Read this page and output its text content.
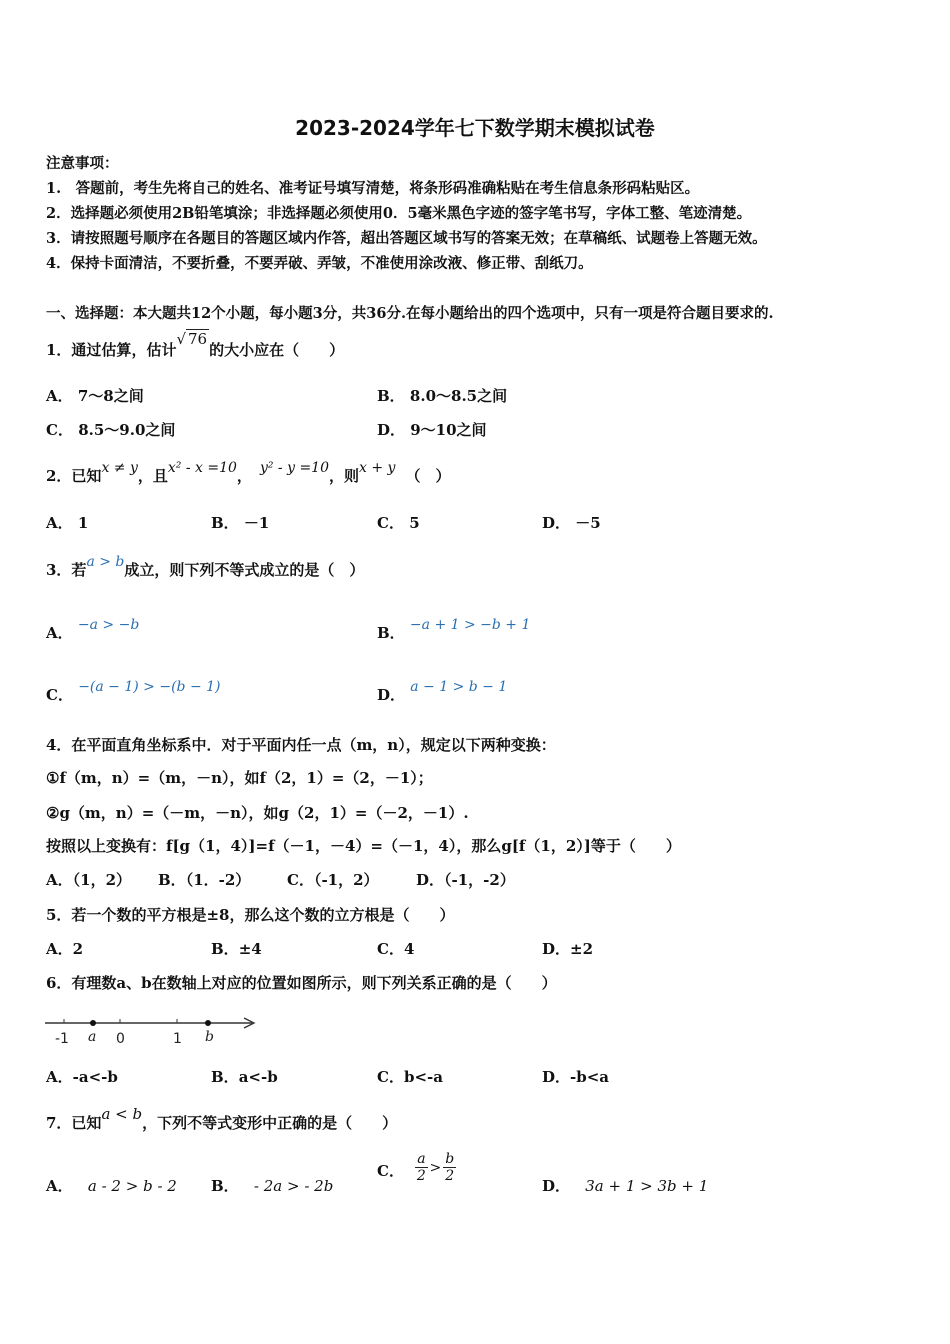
2023-2024学年七下数学期末模拟试卷
注意事项：
1.　答题前，考生先将自己的姓名、准考证号填写清楚，将条形码准确粘贴在考生信息条形码粘贴区。
2．选择题必须使用2B铅笔填涂；非选择题必须使用0．5毫米黑色字迹的签字笔书写，字体工整、笔迹清楚。
3．请按照题号顺序在各题目的答题区域内作答，超出答题区域书写的答案无效；在草稿纸、试题卷上答题无效。
4．保持卡面清洁，不要折叠，不要弄破、弄皱，不准使用涂改液、修正带、刮纸刀。
一、选择题：本大题共12个小题，每小题3分，共36分.在每小题给出的四个选项中，只有一项是符合题目要求的.
1．通过估算，估计√ 76的大小应在（　　）
A． 7～8之间	B． 8.0～8.5之间
C． 8.5～9.0之间	D． 9～10之间
2．已知x ≠ y，且x² - x =10， y² - y =10，则x + y （　）
A． 1	B． －1	C． 5	D． －5
3．若a > b成立，则下列不等式成立的是（　）
A． −a > −b	B． −a + 1 > −b + 1
C． −(a − 1) > −(b − 1)	D． a − 1 > b − 1
4．在平面直角坐标系中．对于平面内任一点（m，n），规定以下两种变换：
①f（m，n）=（m，－n），如f（2，1）=（2，－1）；
②g（m，n）=（－m，－n），如g（2，1）=（－2，－1）.
按照以上变换有：f[g（1，4）]=f（－1，－4）=（－1，4），那么g[f（1，2）]等于（　　）
A．（1，2） B．（1．-2） C．（-1，2） D．（-1，-2）
5．若一个数的平方根是±8，那么这个数的立方根是（　　）
A．2	B．±4	C．4	D．±2
6．有理数a、b在数轴上对应的位置如图所示，则下列关系正确的是（　　）
-1 a 0	1 b
A．-a<-b	B．a<-b	C．b<-a	D．-b<a
7．已知a < b，下列不等式变形中正确的是（　　）
A． a - 2 > b - 2 B． - 2a > - 2b
C． $\frac{a}{2} > \frac{b}{2}$
D． 3a + 1 > 3b + 1
